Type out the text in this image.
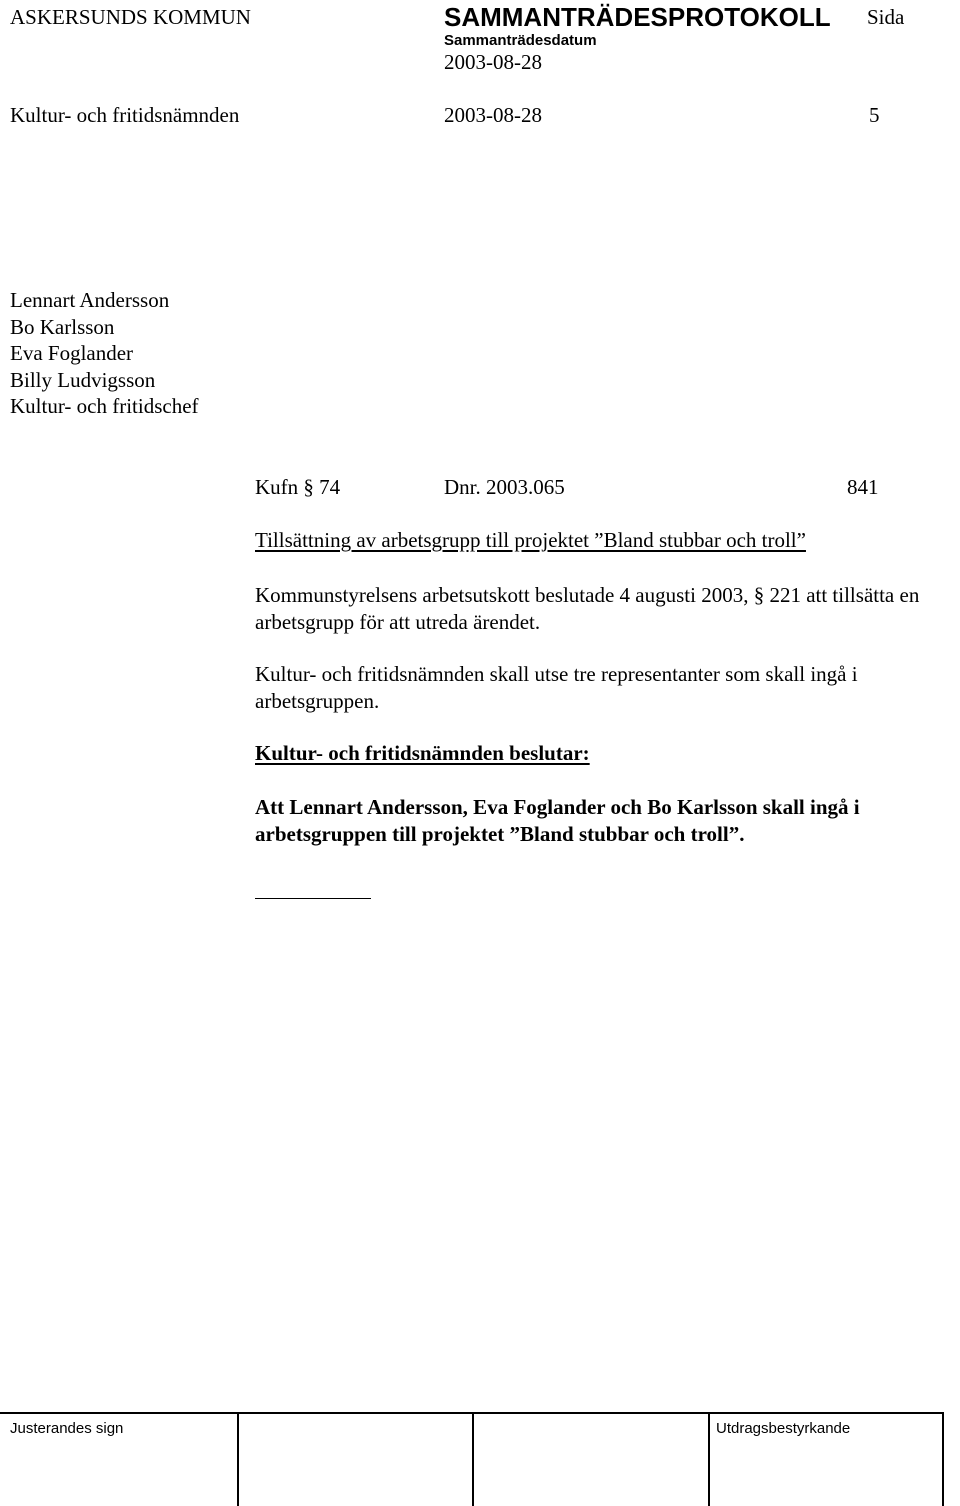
ASKERSUNDS KOMMUN	SAMMANTRÄDESPROTOKOLL Sida
Sammanträdesdatum
2003-08-28
Kultur- och fritidsnämnden	2003-08-28	5
Lennart Andersson
Bo Karlsson
Eva Foglander
Billy Ludvigsson
Kultur- och fritidschef
Kufn § 74	Dnr. 2003.065	841
Tillsättning av arbetsgrupp till projektet ”Bland stubbar och troll”
Kommunstyrelsens arbetsutskott beslutade 4 augusti 2003, § 221 att tillsätta en arbetsgrupp för att utreda ärendet.
Kultur- och fritidsnämnden skall utse tre representanter som skall ingå i arbetsgruppen.
Kultur- och fritidsnämnden beslutar:
Att Lennart Andersson, Eva Foglander och Bo Karlsson skall ingå i arbetsgruppen till projektet ”Bland stubbar och troll”.
Justerandes sign	Utdragsbestyrkande
